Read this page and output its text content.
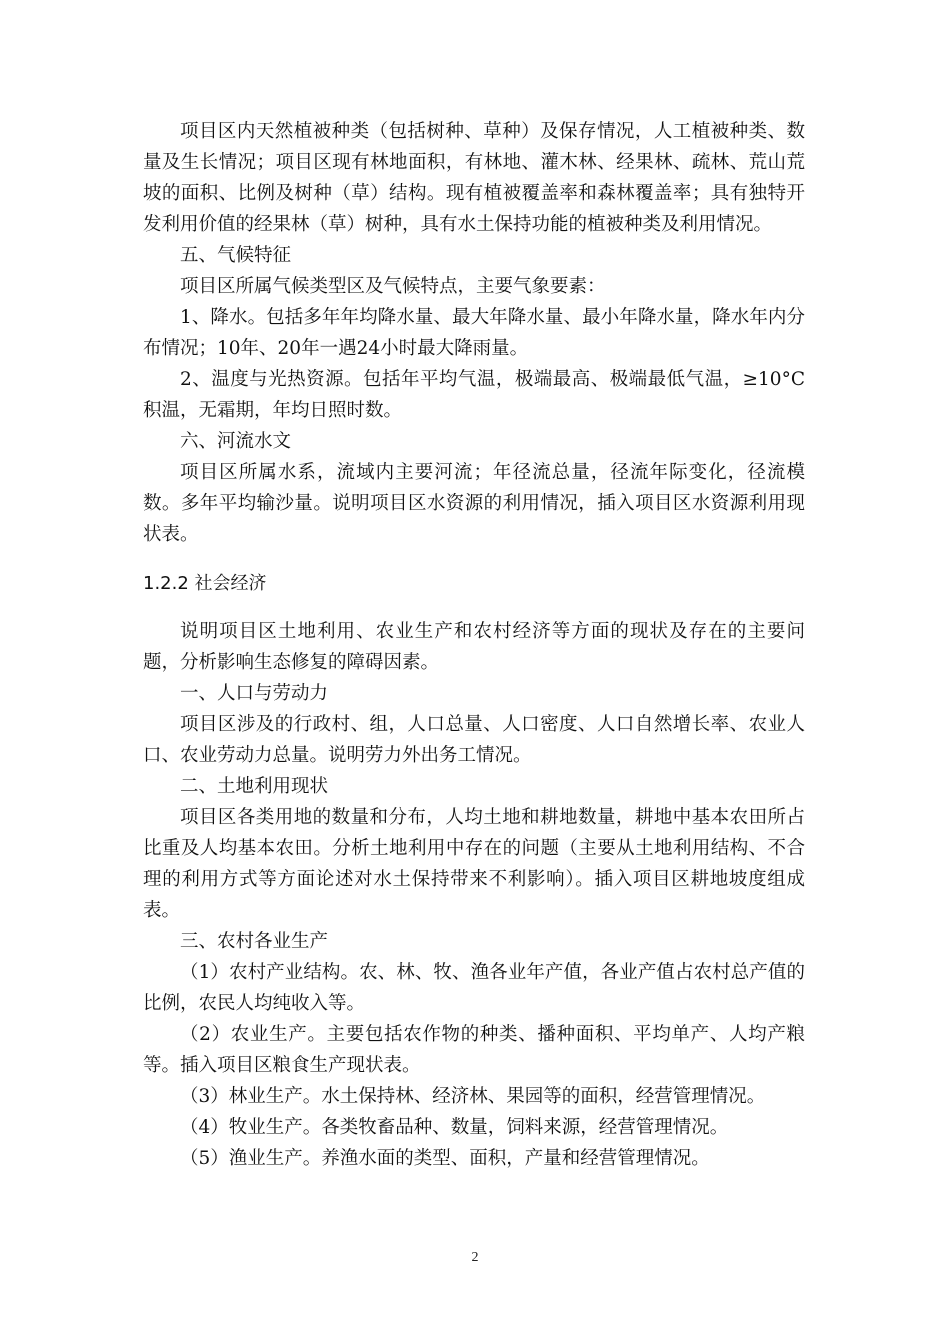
项目区内天然植被种类（包括树种、草种）及保存情况，人工植被种类、数量及生长情况；项目区现有林地面积，有林地、灌木林、经果林、疏林、荒山荒坡的面积、比例及树种（草）结构。现有植被覆盖率和森林覆盖率；具有独特开发利用价值的经果林（草）树种，具有水土保持功能的植被种类及利用情况。

五、气候特征

项目区所属气候类型区及气候特点，主要气象要素：

1、降水。包括多年年均降水量、最大年降水量、最小年降水量，降水年内分布情况；10年、20年一遇24小时最大降雨量。

2、温度与光热资源。包括年平均气温，极端最高、极端最低气温，≥10°C积温，无霜期，年均日照时数。

六、河流水文

项目区所属水系，流域内主要河流；年径流总量，径流年际变化，径流模数。多年平均输沙量。说明项目区水资源的利用情况，插入项目区水资源利用现状表。

1.2.2 社会经济

说明项目区土地利用、农业生产和农村经济等方面的现状及存在的主要问题，分析影响生态修复的障碍因素。

一、人口与劳动力

项目区涉及的行政村、组，人口总量、人口密度、人口自然增长率、农业人口、农业劳动力总量。说明劳力外出务工情况。

二、土地利用现状

项目区各类用地的数量和分布，人均土地和耕地数量，耕地中基本农田所占比重及人均基本农田。分析土地利用中存在的问题（主要从土地利用结构、不合理的利用方式等方面论述对水土保持带来不利影响）。插入项目区耕地坡度组成表。

三、农村各业生产

（1）农村产业结构。农、林、牧、渔各业年产值，各业产值占农村总产值的比例，农民人均纯收入等。

（2）农业生产。主要包括农作物的种类、播种面积、平均单产、人均产粮等。插入项目区粮食生产现状表。

（3）林业生产。水土保持林、经济林、果园等的面积，经营管理情况。

（4）牧业生产。各类牧畜品种、数量，饲料来源，经营管理情况。

（5）渔业生产。养渔水面的类型、面积，产量和经营管理情况。

2
